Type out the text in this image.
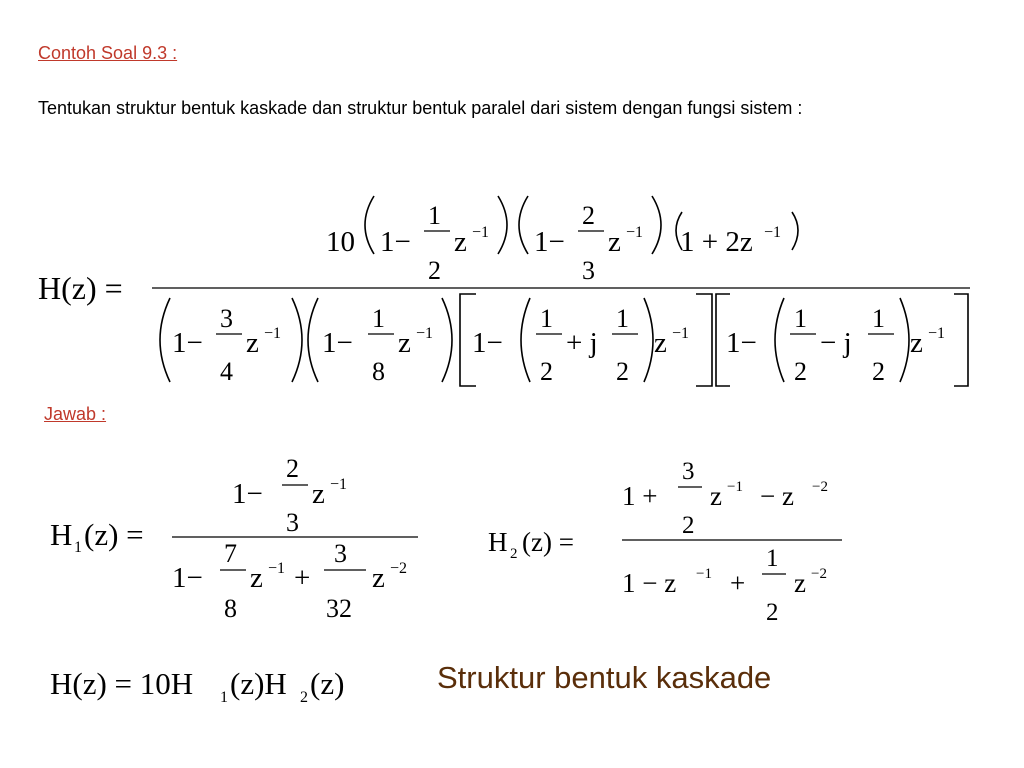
Contoh Soal 9.3 :
Tentukan struktur bentuk kaskade dan struktur bentuk paralel dari sistem dengan fungsi sistem :
Jawab :
Struktur bentuk kaskade
H(z) =
10 1−
1
2
z −1 1−
2
3
z −1 1 + 2z −1
1−
3
4
z −1 1−
1
8
z −1 1−
1
2
+ j
1
2
z −1 1−
1
2
− j
1
2
z −1
H 1 (z) =
1−
2
3
z −1
1−
7
8
z −1 +
3
32
z −2
H 2 (z) =
1 +
3
2
z −1 − z −2
1 − z −1 +
1
2
z −2
H(z) = 10H 1 (z)H 2 (z)
